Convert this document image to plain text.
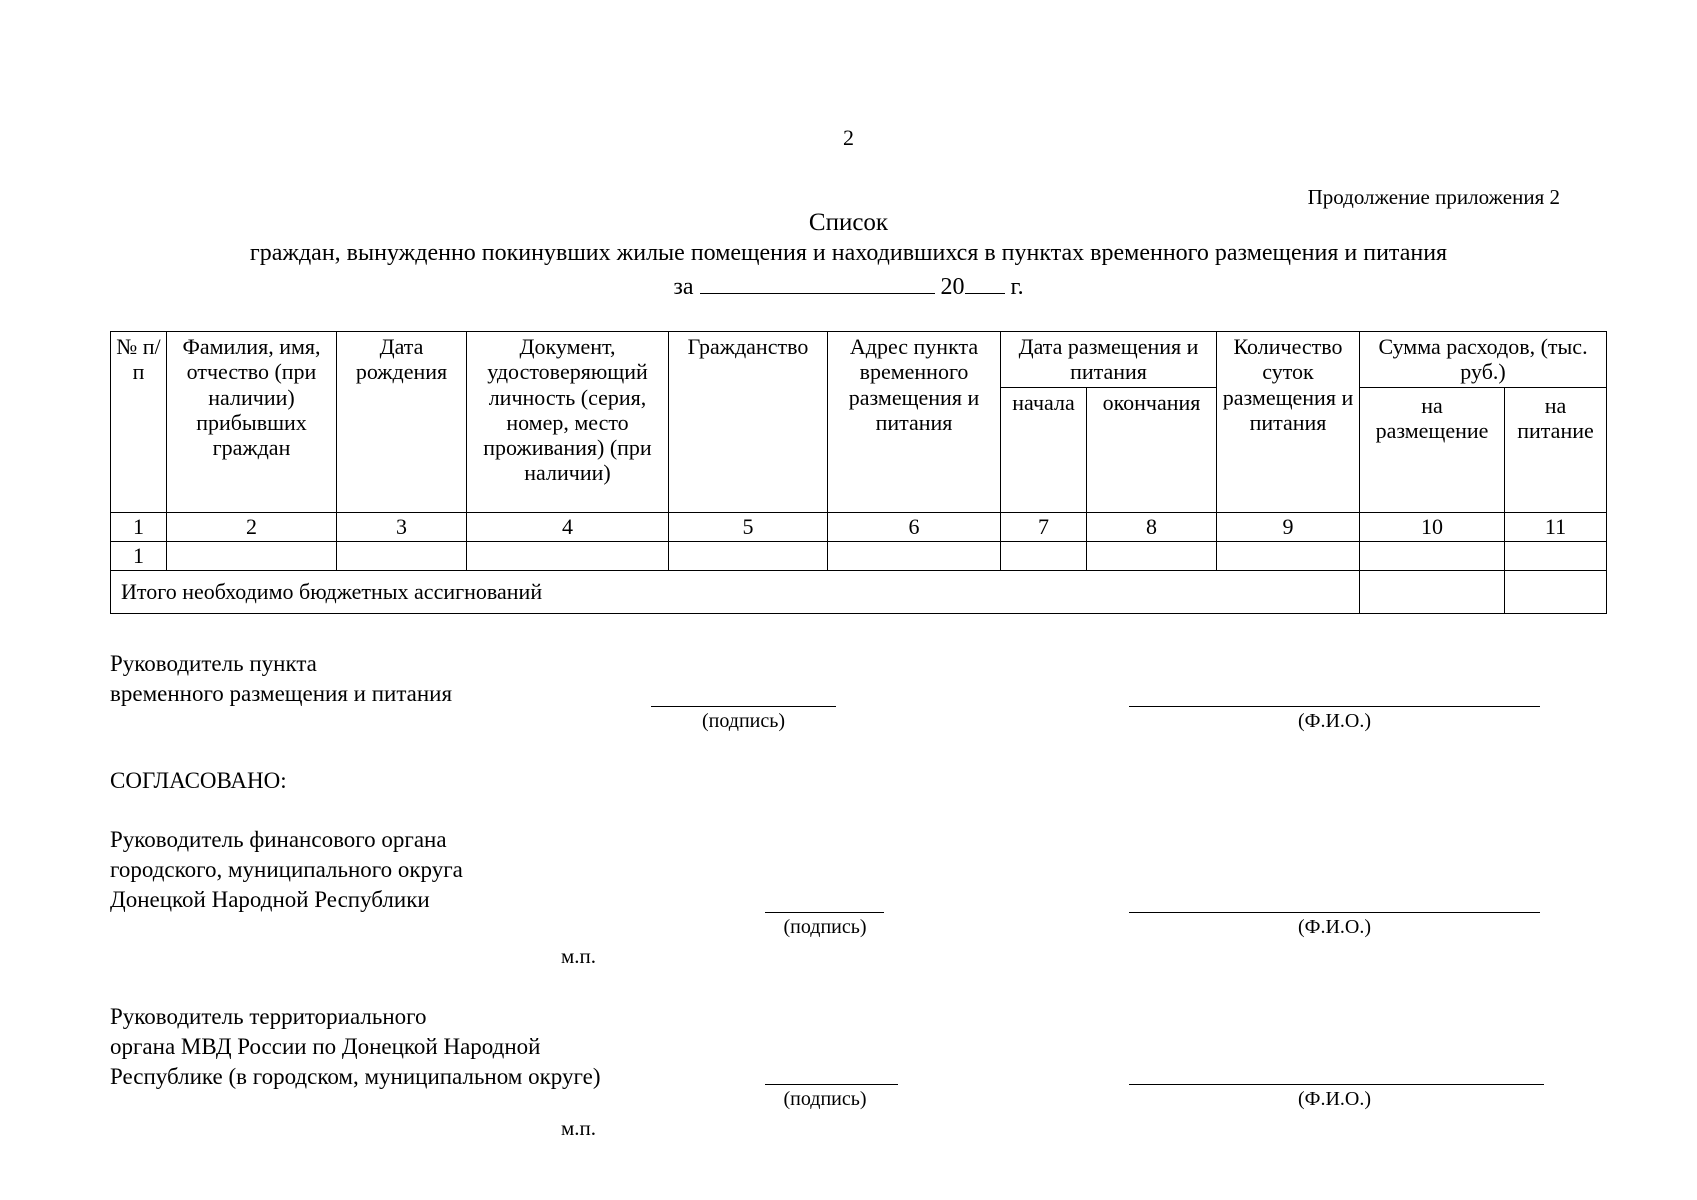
2
Продолжение приложения 2
Список
граждан, вынужденно покинувших жилые помещения и находившихся в пунктах временного размещения и питания
за	20 г.
№ п/п	Фамилия, имя, отчество (при наличии) прибывших граждан	Дата рождения	Документ, удостоверяющий личность (серия, номер, место проживания) (при наличии)	Гражданство	Адрес пункта временного размещения и питания	Дата размещения и питания		Количество суток размещения и питания	Сумма расходов, (тыс. руб.)	
						начала	окончания		на размещение	на питание
1	2	3	4	5	6	7	8	9	10	11
1										
Итого необходимо бюджетных ассигнований										
Руководитель пункта
временного размещения и питания
(подпись)	(Ф.И.О.)
СОГЛАСОВАНО:
Руководитель финансового органа
городского, муниципального округа
Донецкой Народной Республики
(подпись)	(Ф.И.О.)
м.п.
Руководитель территориального
органа МВД России по Донецкой Народной
Республике (в городском, муниципальном округе)
(подпись)	(Ф.И.О.)
м.п.
